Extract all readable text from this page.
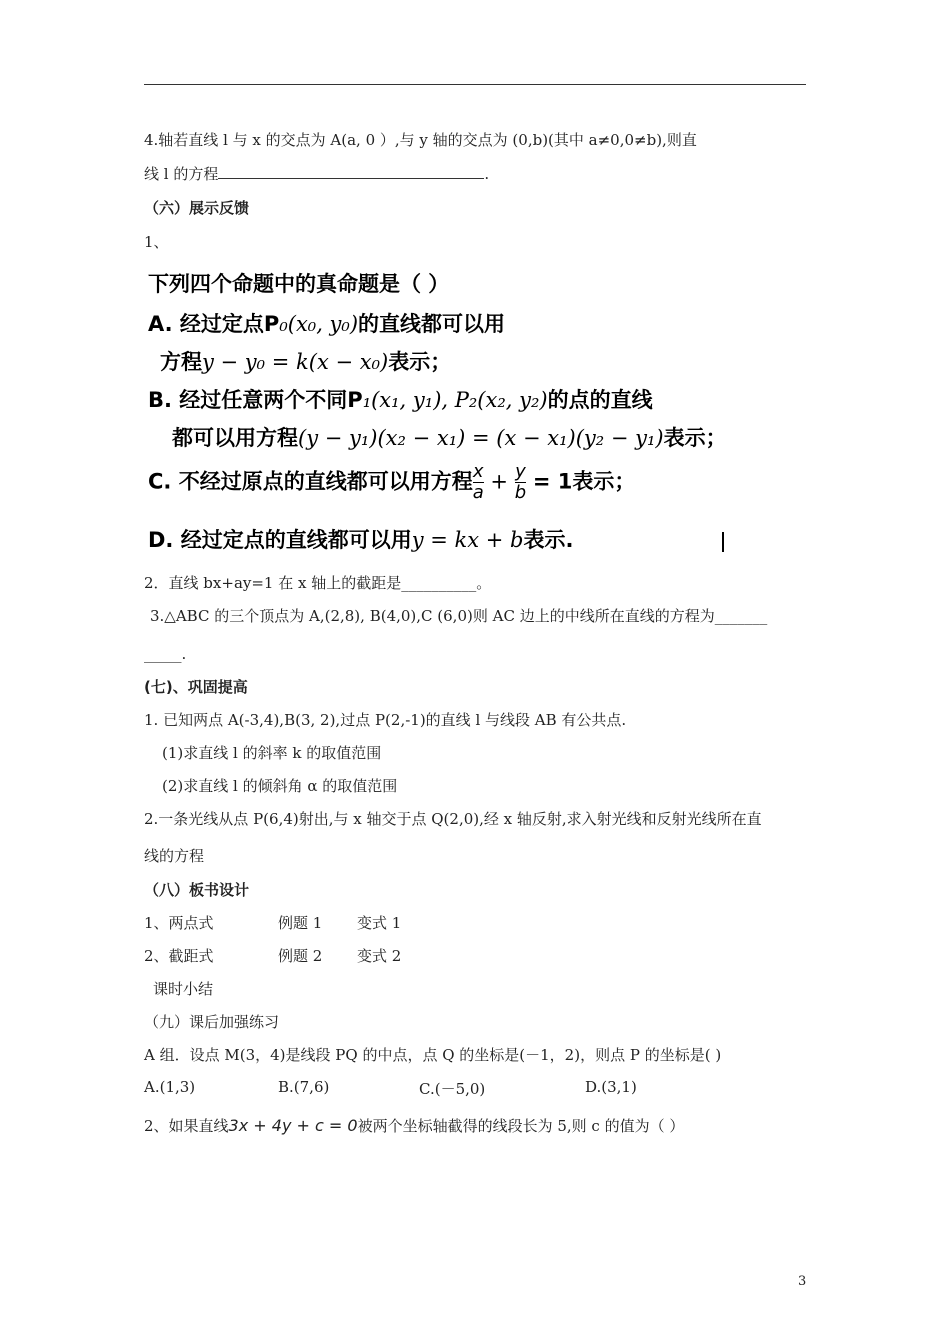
4.轴若直线 l 与 x 的交点为 A(a, 0 ）,与 y 轴的交点为 (0,b)(其中 a≠0,0≠b),则直
线 l 的方程	.
（六）展示反馈
1、
下列四个命题中的真命题是（ ）
A. 经过定点P₀(x₀, y₀)的直线都可以用
方程y − y₀ = k(x − x₀)表示；
B. 经过任意两个不同P₁(x₁, y₁), P₂(x₂, y₂)的点的直线
都可以用方程(y − y₁)(x₂ − x₁) = (x − x₁)(y₂ − y₁)表示；
C. 不经过原点的直线都可以用方程 $\frac{x}{a} + \frac{y}{b} = 1$表示；
D. 经过定点的直线都可以用y = kx + b表示.
2．直线 bx+ay=1 在 x 轴上的截距是__________。
3.△ABC 的三个顶点为 A,(2,8), B(4,0),C (6,0)则 AC 边上的中线所在直线的方程为_______
_____.
(七)、巩固提高
1. 已知两点 A(-3,4),B(3, 2),过点 P(2,-1)的直线 l 与线段 AB 有公共点.
(1)求直线 l 的斜率 k 的取值范围
(2)求直线 l 的倾斜角 α 的取值范围
2.一条光线从点 P(6,4)射出,与 x 轴交于点 Q(2,0),经 x 轴反射,求入射光线和反射光线所在直
线的方程
（八）板书设计
1、两点式	例题 1 变式 1
2、截距式	例题 2 变式 2
课时小结
（九）课后加强练习
A 组．设点 M(3，4)是线段 PQ 的中点，点 Q 的坐标是(－1，2)，则点 P 的坐标是( )
A.(1,3)	B.(7,6)	C.(－5,0)	D.(3,1)
2、如果直线3x + 4y + c = 0被两个坐标轴截得的线段长为 5,则 c 的值为（ ）
3
